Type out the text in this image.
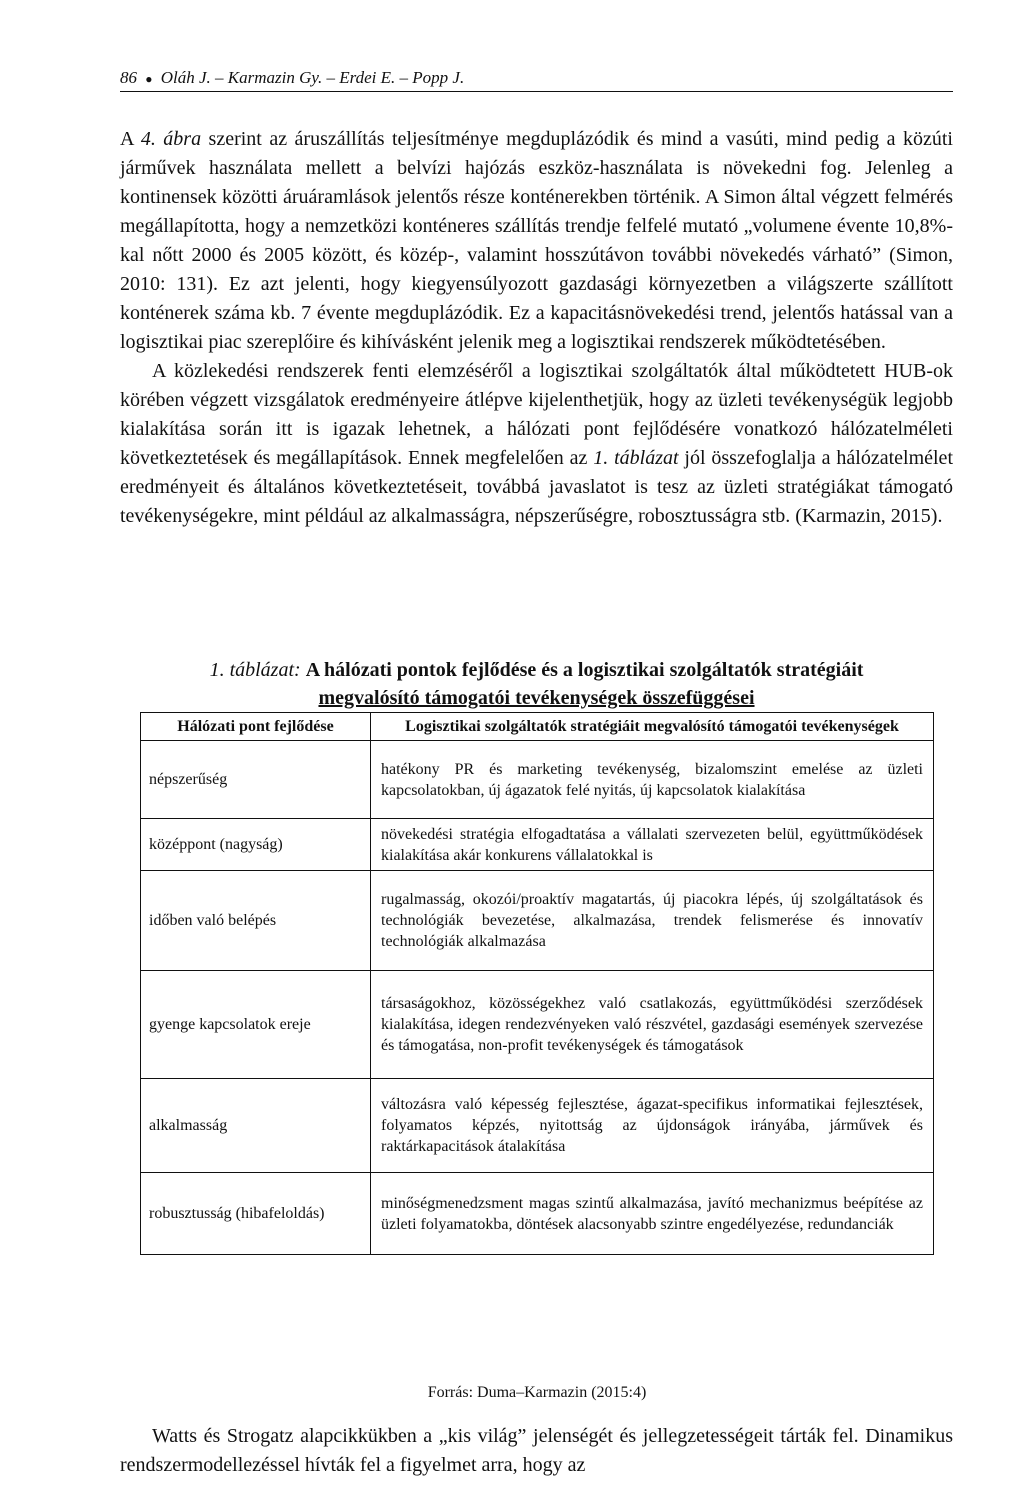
86 ● Oláh J. – Karmazin Gy. – Erdei E. – Popp J.

A 4. ábra szerint az áruszállítás teljesítménye megduplázódik és mind a vasúti, mind pedig a közúti járművek használata mellett a belvízi hajózás eszköz-használata is növekedni fog. Jelenleg a kontinensek közötti áruáramlások jelentős része konténerekben történik. A Simon által végzett felmérés megállapította, hogy a nemzetközi konténeres szállítás trendje felfelé mutató „volumene évente 10,8%-kal nőtt 2000 és 2005 között, és közép-, valamint hosszútávon további növekedés várható” (Simon, 2010: 131). Ez azt jelenti, hogy kiegyensúlyozott gazdasági környezetben a világszerte szállított konténerek száma kb. 7 évente megduplázódik. Ez a kapacitásnövekedési trend, jelentős hatással van a logisztikai piac szereplőire és kihívásként jelenik meg a logisztikai rendszerek működtetésében.

A közlekedési rendszerek fenti elemzéséről a logisztikai szolgáltatók által működtetett HUB-ok körében végzett vizsgálatok eredményeire átlépve kijelenthetjük, hogy az üzleti tevékenységük legjobb kialakítása során itt is igazak lehetnek, a hálózati pont fejlődésére vonatkozó hálózatelméleti következtetések és megállapítások. Ennek megfelelően az 1. táblázat jól összefoglalja a hálózatelmélet eredményeit és általános következtetéseit, továbbá javaslatot is tesz az üzleti stratégiákat támogató tevékenységekre, mint például az alkalmasságra, népszerűségre, robosztusságra stb. (Karmazin, 2015).

1. táblázat: A hálózati pontok fejlődése és a logisztikai szolgáltatók stratégiáit
megvalósító támogatói tevékenységek összefüggései
Hálózati pont fejlődése	Logisztikai szolgáltatók stratégiáit megvalósító támogatói tevékenységek
népszerűség	hatékony PR és marketing tevékenység, bizalomszint emelése az üzleti kapcsolatokban, új ágazatok felé nyitás, új kapcsolatok kialakítása
középpont (nagyság)	növekedési stratégia elfogadtatása a vállalati szervezeten belül, együttműködések kialakítása akár konkurens vállalatokkal is
időben való belépés	rugalmasság, okozói/proaktív magatartás, új piacokra lépés, új szolgáltatások és technológiák bevezetése, alkalmazása, trendek felismerése és innovatív technológiák alkalmazása
gyenge kapcsolatok ereje	társaságokhoz, közösségekhez való csatlakozás, együttműködési szerződések kialakítása, idegen rendezvényeken való részvétel, gazdasági események szervezése és támogatása, non-profit tevékenységek és támogatások
alkalmasság	változásra való képesség fejlesztése, ágazat-specifikus informatikai fejlesztések, folyamatos képzés, nyitottság az újdonságok irányába, járművek és raktárkapacitások átalakítása
robusztusság (hibafeloldás)	minőségmenedzsment magas szintű alkalmazása, javító mechanizmus beépítése az üzleti folyamatokba, döntések alacsonyabb szintre engedélyezése, redundanciák
Forrás: Duma–Karmazin (2015:4)

Watts és Strogatz alapcikkükben a „kis világ” jelenségét és jellegzetességeit tárták fel. Dinamikus rendszermodellezéssel hívták fel a figyelmet arra, hogy az
